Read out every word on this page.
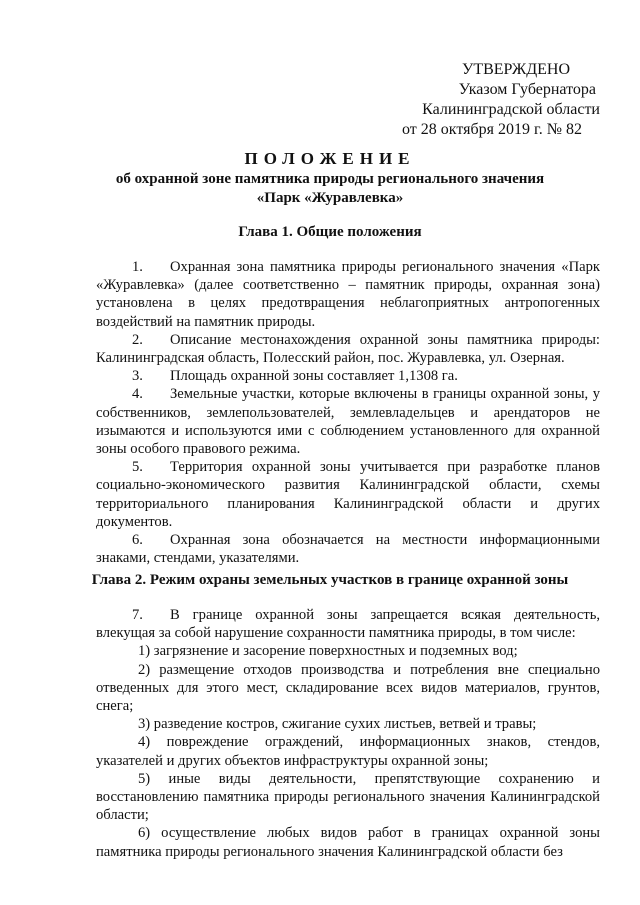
УТВЕРЖДЕНО
Указом Губернатора
Калининградской области
от 28 октября 2019 г. № 82
ПОЛОЖЕНИЕ
об охранной зоне памятника природы регионального значения
«Парк «Журавлевка»
Глава 1. Общие положения

1. Охранная зона памятника природы регионального значения «Парк «Журавлевка» (далее соответственно – памятник природы, охранная зона) установлена в целях предотвращения неблагоприятных антропогенных воздействий на памятник природы.

2. Описание местонахождения охранной зоны памятника природы: Калининградская область, Полесский район, пос. Журавлевка, ул. Озерная.

3. Площадь охранной зоны составляет 1,1308 га.

4. Земельные участки, которые включены в границы охранной зоны, у собственников, землепользователей, землевладельцев и арендаторов не изымаются и используются ими с соблюдением установленного для охранной зоны особого правового режима.

5. Территория охранной зоны учитывается при разработке планов социально-экономического развития Калининградской области, схемы территориального планирования Калининградской области и других документов.

6. Охранная зона обозначается на местности информационными знаками, стендами, указателями.

Глава 2. Режим охраны земельных участков в границе охранной зоны

7. В границе охранной зоны запрещается всякая деятельность, влекущая за собой нарушение сохранности памятника природы, в том числе:

1) загрязнение и засорение поверхностных и подземных вод;

2) размещение отходов производства и потребления вне специально отведенных для этого мест, складирование всех видов материалов, грунтов, снега;

3) разведение костров, сжигание сухих листьев, ветвей и травы;

4) повреждение ограждений, информационных знаков, стендов, указателей и других объектов инфраструктуры охранной зоны;

5) иные виды деятельности, препятствующие сохранению и восстановлению памятника природы регионального значения Калининградской области;

6) осуществление любых видов работ в границах охранной зоны памятника природы регионального значения Калининградской области без
